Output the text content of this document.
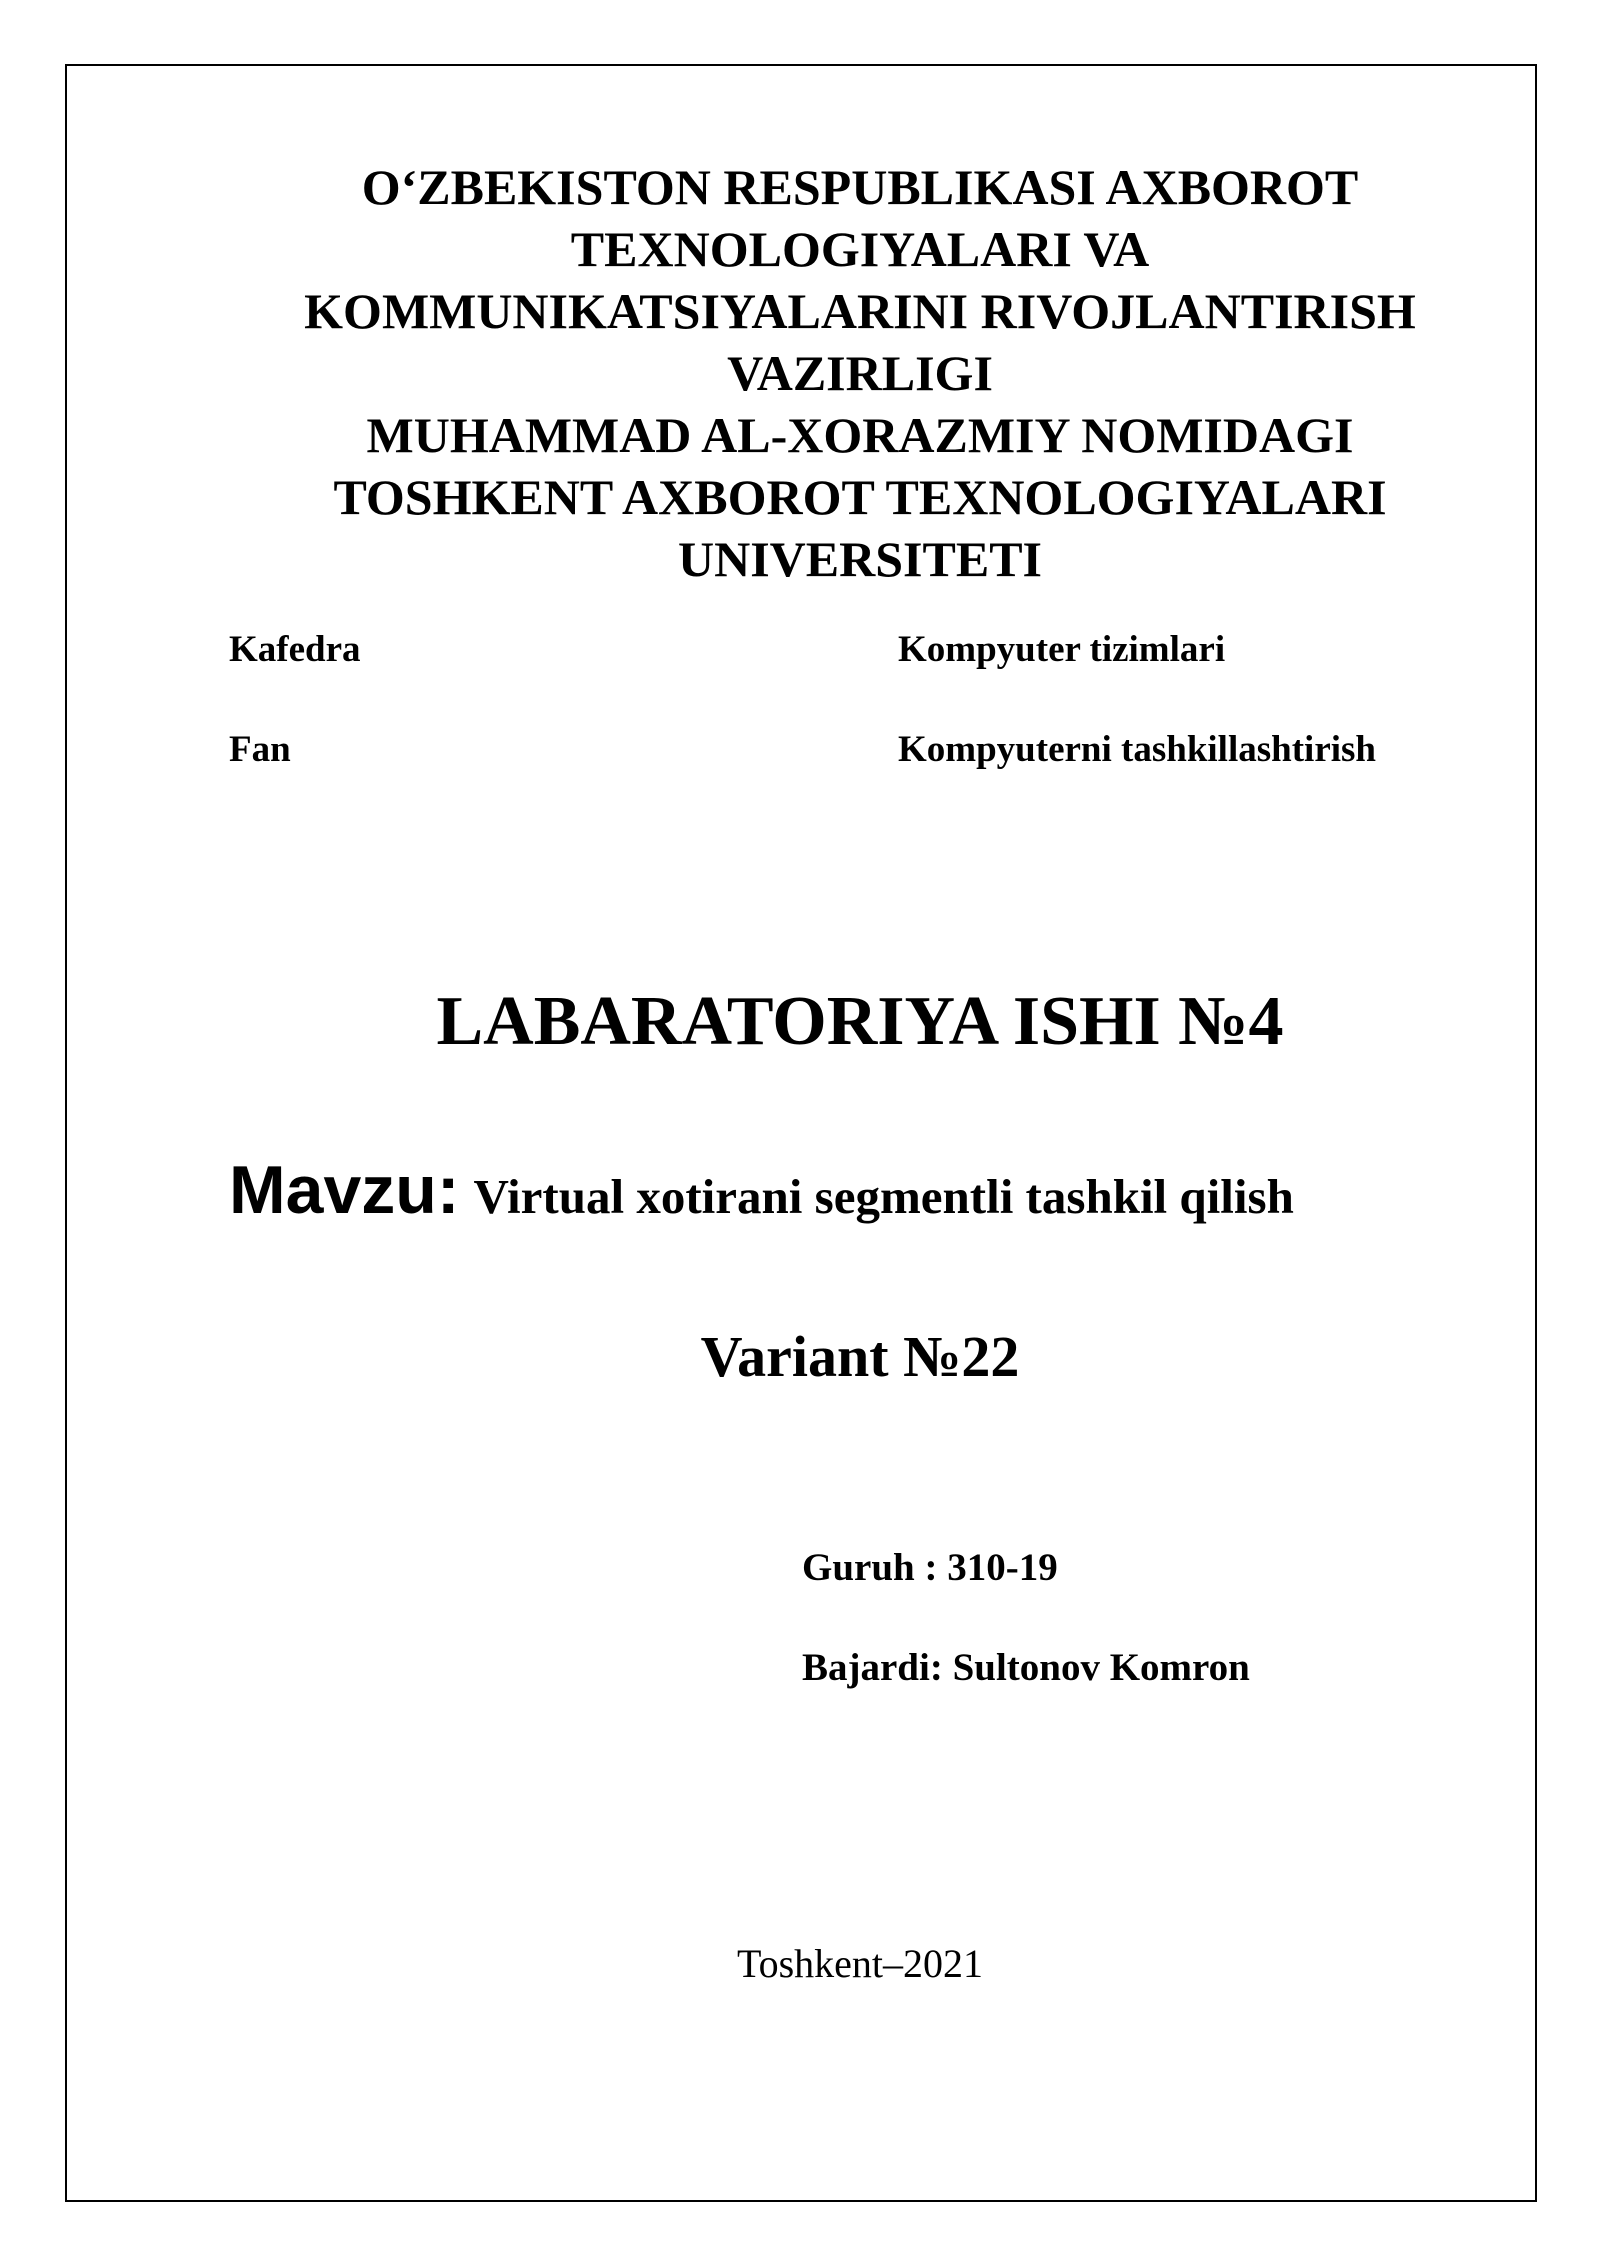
O‘ZBEKISTON RESPUBLIKASI AXBOROT
TEXNOLOGIYALARI VA
KOMMUNIKATSIYALARINI RIVOJLANTIRISH
VAZIRLIGI
MUHAMMAD AL-XORAZMIY NOMIDAGI
TOSHKENT AXBOROT TEXNOLOGIYALARI
UNIVERSITETI
Kafedra	Kompyuter tizimlari
Fan	Kompyuterni tashkillashtirish
LABARATORIYA ISHI №4
Mavzu: Virtual xotirani segmentli tashkil qilish
Variant №22
Guruh : 310-19
Bajardi: Sultonov Komron
Toshkent–2021
